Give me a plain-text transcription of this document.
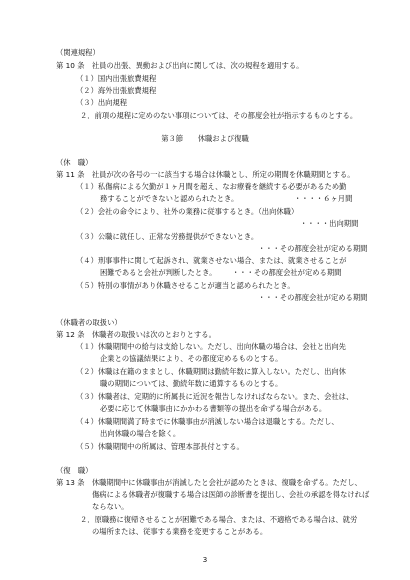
（関連規程）
第 10 条　社員の出張、異動および出向に関しては、次の規程を適用する。
（１）国内出張旅費規程
（２）海外出張旅費規程
（３）出向規程
２．前項の規程に定めのない事項については、その都度会社が指示するものとする。
第３節　　休職および復職
（休　職）
第 11 条　社員が次の各号の一に該当する場合は休職とし、所定の期間を休職期間とする。
（１）私傷病による欠勤が１ヶ月間を超え、なお療養を継続する必要があるため勤
務することができないと認められたとき。	・・・・６ヶ月間
（２）会社の命令により、社外の業務に従事するとき。（出向休職）
・・・・出向期間
（３）公職に就任し、正常な労務提供ができないとき。
・・・その都度会社が定める期間
（４）刑事事件に関して起訴され、就業させない場合、または、就業させることが
困難であると会社が判断したとき。 ・・・その都度会社が定める期間
（５）特別の事情があり休職させることが適当と認められたとき。
・・・その都度会社が定める期間
（休職者の取扱い）
第 12 条　休職者の取扱いは次のとおりとする。
（１）休職期間中の給与は支給しない。ただし、出向休職の場合は、会社と出向先
企業との協議結果により、その都度定めるものとする。
（２）休職は在籍のままとし、休職期間は勤続年数に算入しない。ただし、出向休
職の期間については、勤続年数に通算するものとする。
（３）休職者は、定期的に所属長に近況を報告しなければならない。また、会社は、
必要に応じて休職事由にかかわる書類等の提出を命ずる場合がある。
（４）休職期間満了時までに休職事由が消滅しない場合は退職とする。ただし、
出向休職の場合を除く。
（５）休職期間中の所属は、管理本部長付とする。
（復　職）
第 13 条　休職期間中に休職事由が消滅したと会社が認めたときは、復職を命ずる。ただし、
傷病による休職者が復職する場合は医師の診断書を提出し、会社の承認を得なければ
ならない。
２．原職務に復帰させることが困難である場合、または、不適格である場合は、就労
の場所または、従事する業務を変更することがある。
3
